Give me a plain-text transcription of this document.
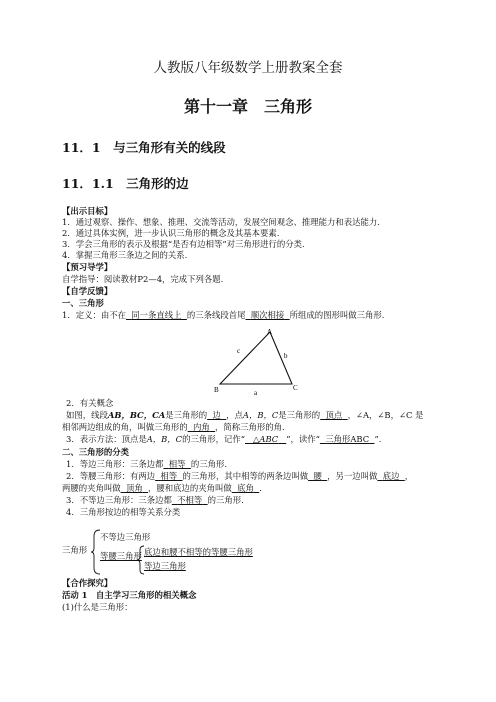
人教版八年级数学上册教案全套
第十一章　三角形
11．1　与三角形有关的线段
11．1.1　三角形的边
【出示目标】
1．通过观察、操作、想象、推理、交流等活动，发展空间观念、推理能力和表达能力.
2．通过具体实例，进一步认识三角形的概念及其基本要素.
3．学会三角形的表示及根据“是否有边相等”对三角形进行的分类.
4．掌握三角形三条边之间的关系.
【预习导学】
自学指导：阅读教材P2—4，完成下列各题.
【自学反馈】
一、三角形
1．定义：由不在 同一条直线上 的三条线段首尾 顺次相接 所组成的图形叫做三角形.
A
B	C
c
b
a
2．有关概念
如图，线段AB，BC，CA是三角形的 边 ，点A，B，C是三角形的 顶点 ，∠A，∠B，∠C 是
相邻两边组成的角，叫做三角形的 内角 ，简称三角形的角.
3．表示方法：顶点是A，B，C的三角形，记作“ △ABC ”，读作“ 三角形ABC ”.
二、三角形的分类
1．等边三角形：三条边都 相等 的三角形.
2．等腰三角形：有两边 相等 的三角形，其中相等的两条边叫做 腰 ，另一边叫做 底边 ，
两腰的夹角叫做 顶角 ，腰和底边的夹角叫做 底角 .
3．不等边三角形：三条边都 不相等 的三角形.
4．三角形按边的相等关系分类
三角形
不等边三角形
等腰三角形 底边和腰不相等的等腰三角形
等边三角形
【合作探究】
活动 1　自主学习三角形的相关概念
(1)什么是三角形：
